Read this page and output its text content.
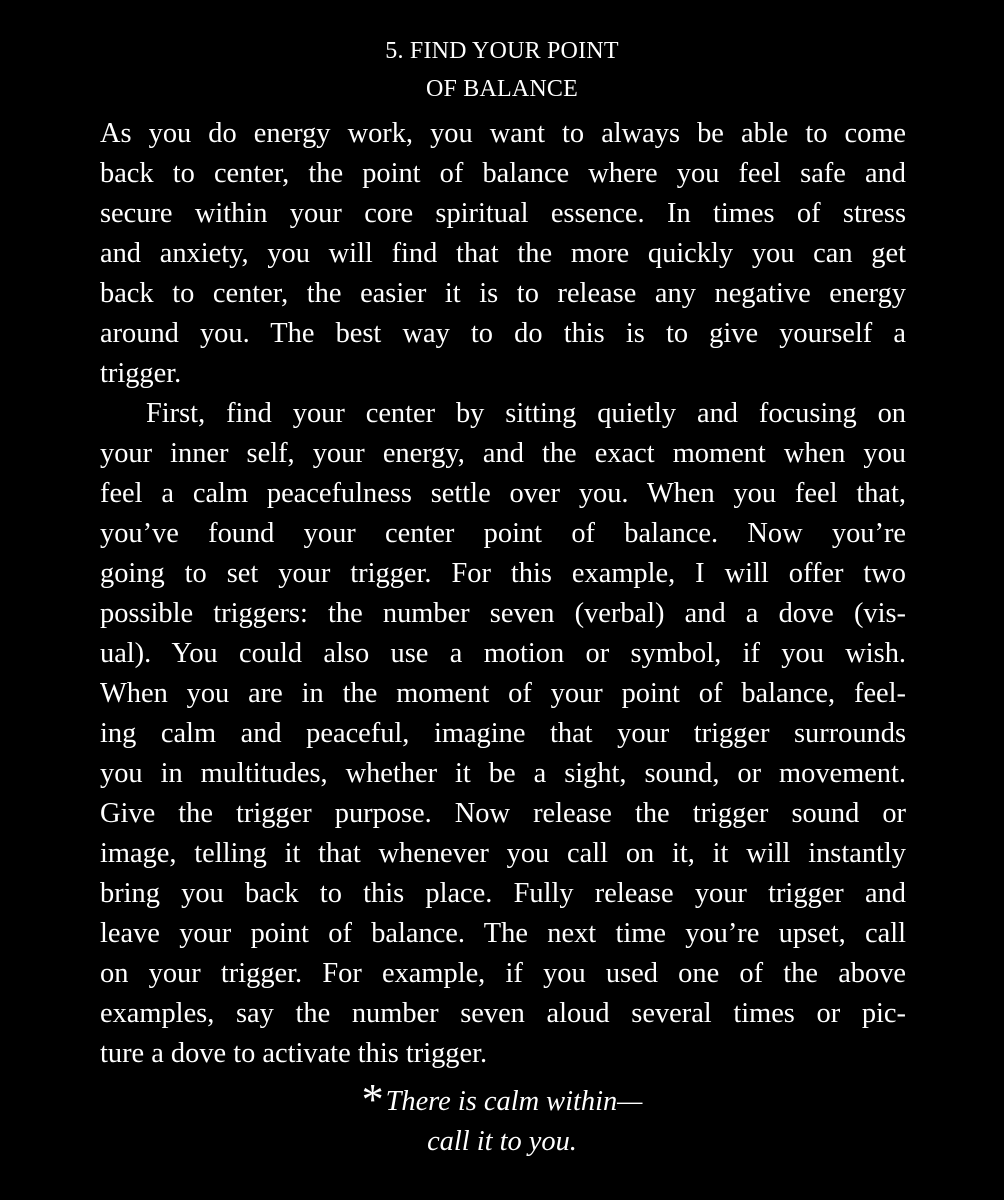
5. FIND YOUR POINT
OF BALANCE
As you do energy work, you want to always be able to come
back to center, the point of balance where you feel safe and
secure within your core spiritual essence. In times of stress
and anxiety, you will find that the more quickly you can get
back to center, the easier it is to release any negative energy
around you. The best way to do this is to give yourself a
trigger.
First, find your center by sitting quietly and focusing on
your inner self, your energy, and the exact moment when you
feel a calm peacefulness settle over you. When you feel that,
you’ve found your center point of balance. Now you’re
going to set your trigger. For this example, I will offer two
possible triggers: the number seven (verbal) and a dove (vis-
ual). You could also use a motion or symbol, if you wish.
When you are in the moment of your point of balance, feel-
ing calm and peaceful, imagine that your trigger surrounds
you in multitudes, whether it be a sight, sound, or movement.
Give the trigger purpose. Now release the trigger sound or
image, telling it that whenever you call on it, it will instantly
bring you back to this place. Fully release your trigger and
leave your point of balance. The next time you’re upset, call
on your trigger. For example, if you used one of the above
examples, say the number seven aloud several times or pic-
ture a dove to activate this trigger.
*There is calm within—
call it to you.
